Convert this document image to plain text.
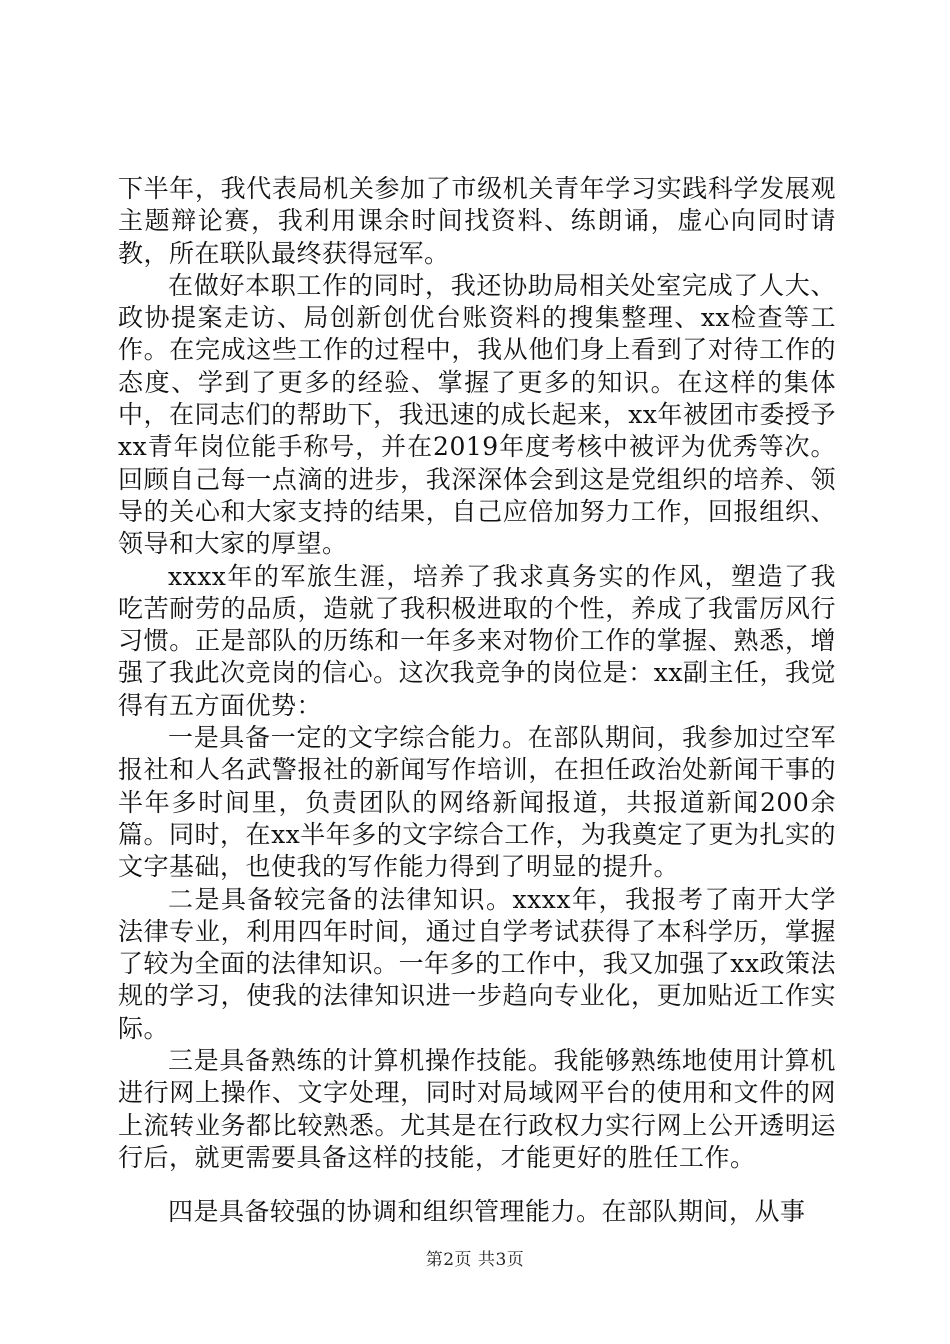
下半年，我代表局机关参加了市级机关青年学习实践科学发展观主题辩论赛，我利用课余时间找资料、练朗诵，虚心向同时请教，所在联队最终获得冠军。

在做好本职工作的同时，我还协助局相关处室完成了人大、政协提案走访、局创新创优台账资料的搜集整理、xx检查等工作。在完成这些工作的过程中，我从他们身上看到了对待工作的态度、学到了更多的经验、掌握了更多的知识。在这样的集体中，在同志们的帮助下，我迅速的成长起来，xx年被团市委授予xx青年岗位能手称号，并在2019年度考核中被评为优秀等次。回顾自己每一点滴的进步，我深深体会到这是党组织的培养、领导的关心和大家支持的结果，自己应倍加努力工作，回报组织、领导和大家的厚望。

xxxx年的军旅生涯，培养了我求真务实的作风，塑造了我吃苦耐劳的品质，造就了我积极进取的个性，养成了我雷厉风行习惯。正是部队的历练和一年多来对物价工作的掌握、熟悉，增强了我此次竞岗的信心。这次我竞争的岗位是：xx副主任，我觉得有五方面优势：

一是具备一定的文字综合能力。在部队期间，我参加过空军报社和人名武警报社的新闻写作培训，在担任政治处新闻干事的半年多时间里，负责团队的网络新闻报道，共报道新闻200余篇。同时，在xx半年多的文字综合工作，为我奠定了更为扎实的文字基础，也使我的写作能力得到了明显的提升。

二是具备较完备的法律知识。xxxx年，我报考了南开大学法律专业，利用四年时间，通过自学考试获得了本科学历，掌握了较为全面的法律知识。一年多的工作中，我又加强了xx政策法规的学习，使我的法律知识进一步趋向专业化，更加贴近工作实际。

三是具备熟练的计算机操作技能。我能够熟练地使用计算机进行网上操作、文字处理，同时对局域网平台的使用和文件的网上流转业务都比较熟悉。尤其是在行政权力实行网上公开透明运行后，就更需要具备这样的技能，才能更好的胜任工作。

四是具备较强的协调和组织管理能力。在部队期间，从事

第2页 共3页
